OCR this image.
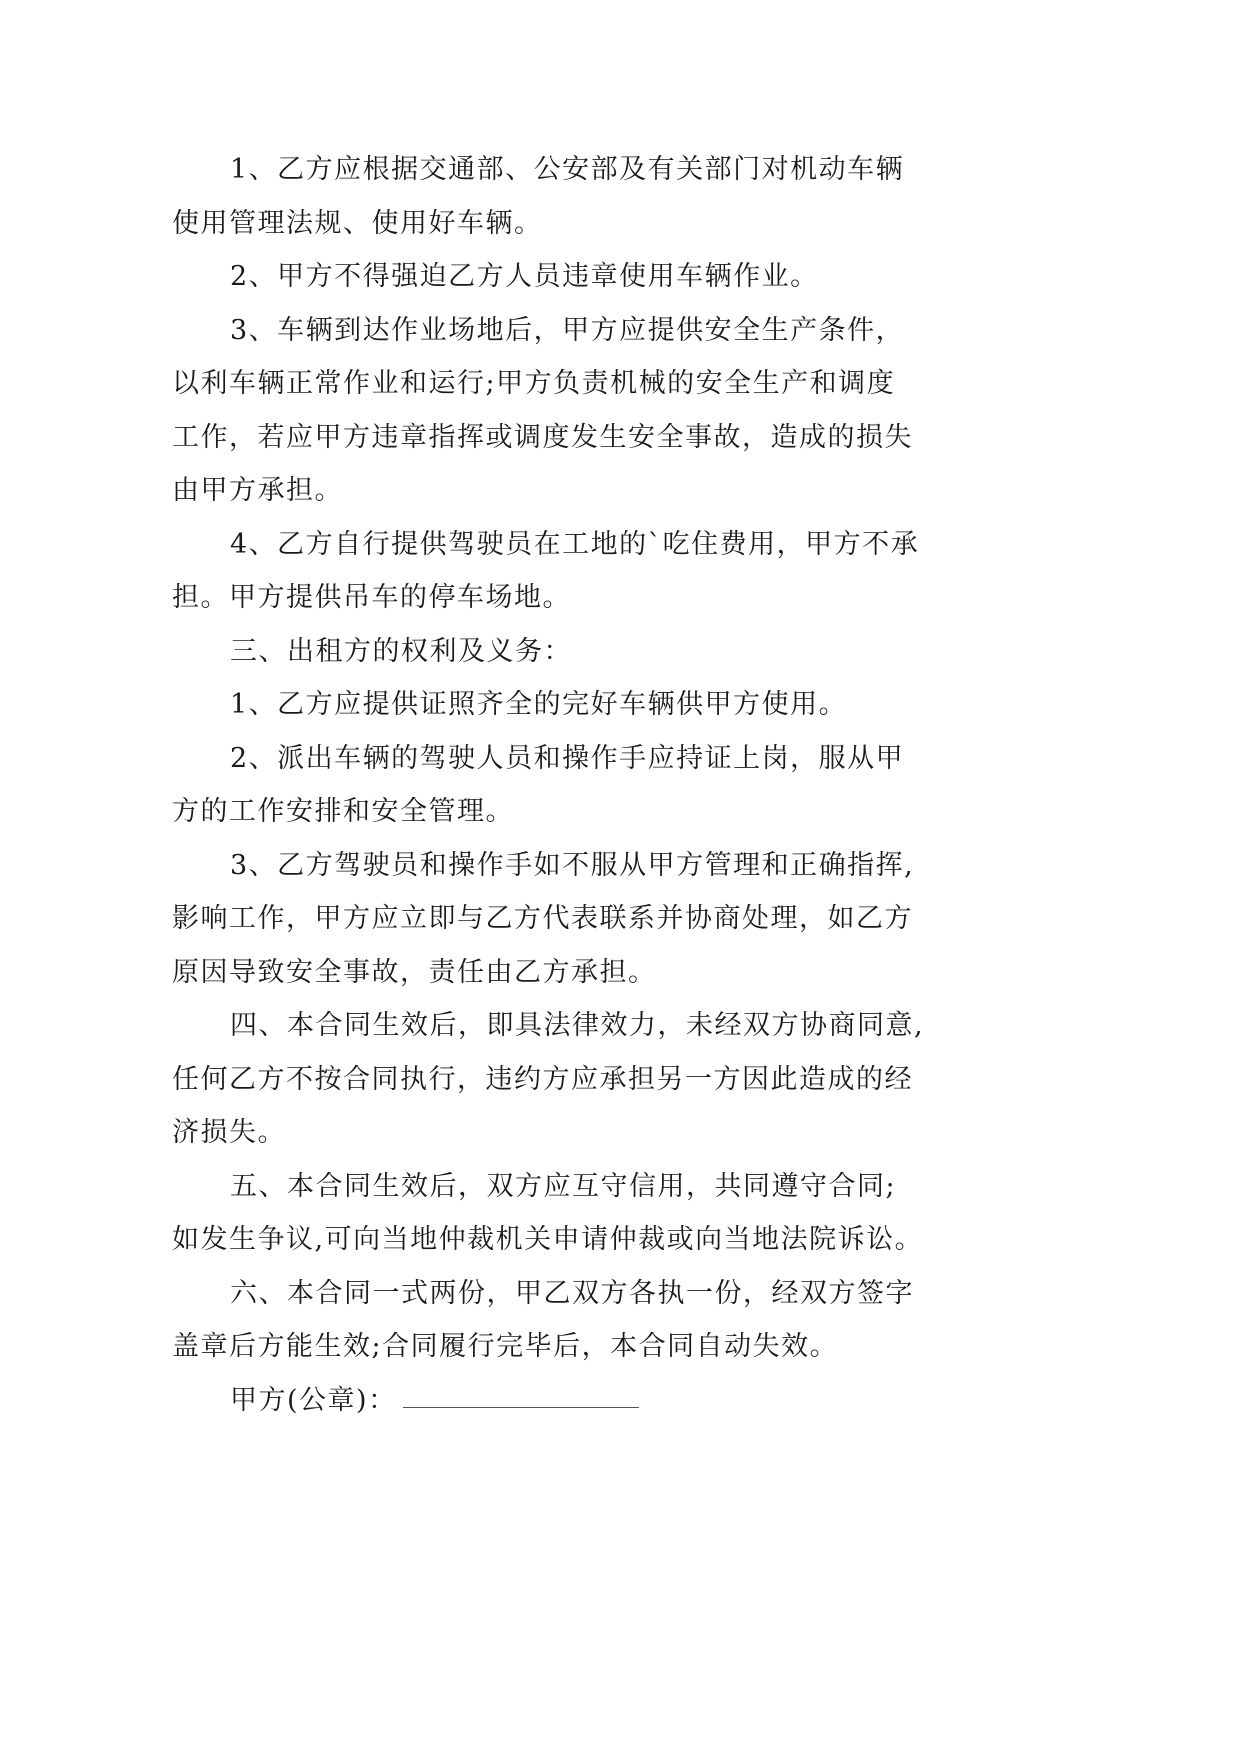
1、乙方应根据交通部、公安部及有关部门对机动车辆
使用管理法规、使用好车辆。

2、甲方不得强迫乙方人员违章使用车辆作业。

3、车辆到达作业场地后，甲方应提供安全生产条件，
以利车辆正常作业和运行;甲方负责机械的安全生产和调度
工作，若应甲方违章指挥或调度发生安全事故，造成的损失
由甲方承担。

4、乙方自行提供驾驶员在工地的`吃住费用，甲方不承
担。甲方提供吊车的停车场地。

三、出租方的权利及义务：

1、乙方应提供证照齐全的完好车辆供甲方使用。

2、派出车辆的驾驶人员和操作手应持证上岗，服从甲
方的工作安排和安全管理。

3、乙方驾驶员和操作手如不服从甲方管理和正确指挥,
影响工作，甲方应立即与乙方代表联系并协商处理，如乙方
原因导致安全事故，责任由乙方承担。

四、本合同生效后，即具法律效力，未经双方协商同意,
任何乙方不按合同执行，违约方应承担另一方因此造成的经
济损失。

五、本合同生效后，双方应互守信用，共同遵守合同;
如发生争议,可向当地仲裁机关申请仲裁或向当地法院诉讼。

六、本合同一式两份，甲乙双方各执一份，经双方签字
盖章后方能生效;合同履行完毕后，本合同自动失效。

甲方(公章)：
